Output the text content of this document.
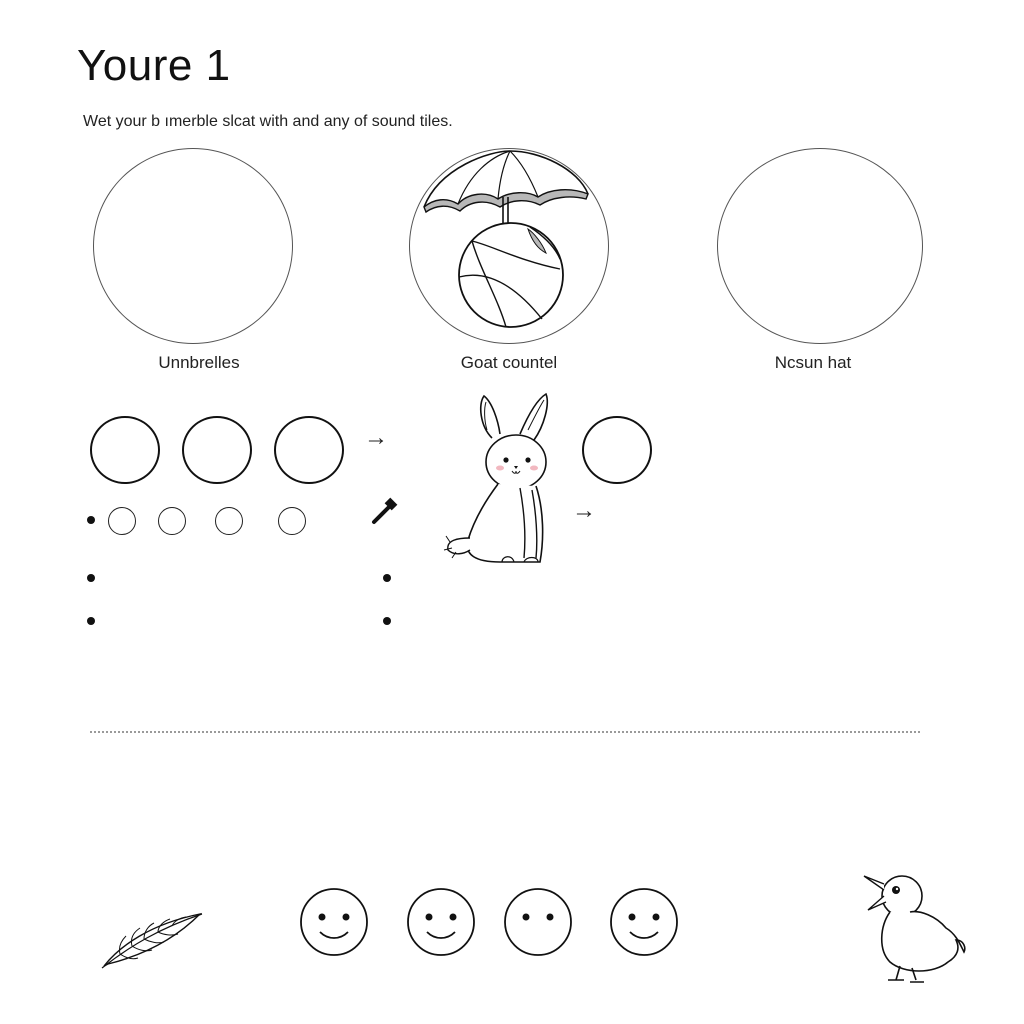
Youre 1
Wet your b ımerble slcat with and any of sound tiles.
Unnbrelles	Goat countel	Ncsun hat
→
→
